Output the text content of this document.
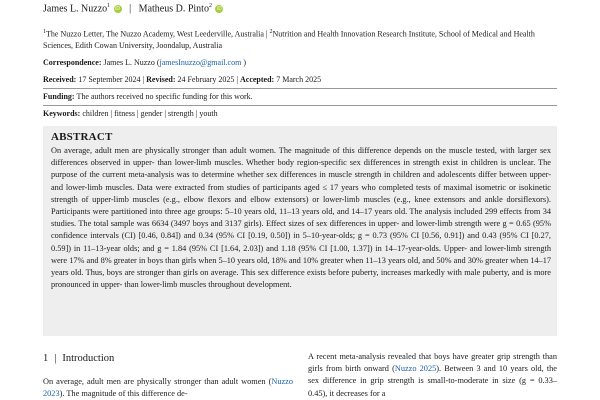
James L. Nuzzo$^1$ iD | Matheus D. Pinto$^2$ iD
$^1$The Nuzzo Letter, The Nuzzo Academy, West Leederville, Australia | $^2$Nutrition and Health Innovation Research Institute, School of Medical and Health Sciences, Edith Cowan University, Joondalup, Australia
Correspondence: James L. Nuzzo (jamesInuzzo@gmail.com )
Received: 17 September 2024 | Revised: 24 February 2025 | Accepted: 7 March 2025
Funding: The authors received no specific funding for this work.
Keywords: children | fitness | gender | strength | youth
ABSTRACT

On average, adult men are physically stronger than adult women. The magnitude of this difference depends on the muscle tested, with larger sex differences observed in upper- than lower-limb muscles. Whether body region-specific sex differences in strength exist in children is unclear. The purpose of the current meta-analysis was to determine whether sex differences in muscle strength in children and adolescents differ between upper- and lower-limb muscles. Data were extracted from studies of participants aged ≤ 17 years who completed tests of maximal isometric or isokinetic strength of upper-limb muscles (e.g., elbow flexors and elbow extensors) or lower-limb muscles (e.g., knee extensors and ankle dorsiflexors). Participants were partitioned into three age groups: 5–10 years old, 11–13 years old, and 14–17 years old. The analysis included 299 effects from 34 studies. The total sample was 6634 (3497 boys and 3137 girls). Effect sizes of sex differences in upper- and lower-limb strength were g = 0.65 (95% confidence intervals (CI) [0.46, 0.84]) and 0.34 (95% CI [0.19, 0.50]) in 5–10-year-olds; g = 0.73 (95% CI [0.56, 0.91]) and 0.43 (95% CI [0.27, 0.59]) in 11–13-year olds; and g = 1.84 (95% CI [1.64, 2.03]) and 1.18 (95% CI [1.00, 1.37]) in 14–17-year-olds. Upper- and lower-limb strength were 17% and 8% greater in boys than girls when 5–10 years old, 18% and 10% greater when 11–13 years old, and 50% and 30% greater when 14–17 years old. Thus, boys are stronger than girls on average. This sex difference exists before puberty, increases markedly with male puberty, and is more pronounced in upper- than lower-limb muscles throughout development.

1 | Introduction
On average, adult men are physically stronger than adult women (Nuzzo 2023). The magnitude of this difference de-
A recent meta-analysis revealed that boys have greater grip strength than girls from birth onward (Nuzzo 2025). Between 3 and 10 years old, the sex difference in grip strength is small-to-moderate in size (g = 0.33–0.45), it decreases for a
